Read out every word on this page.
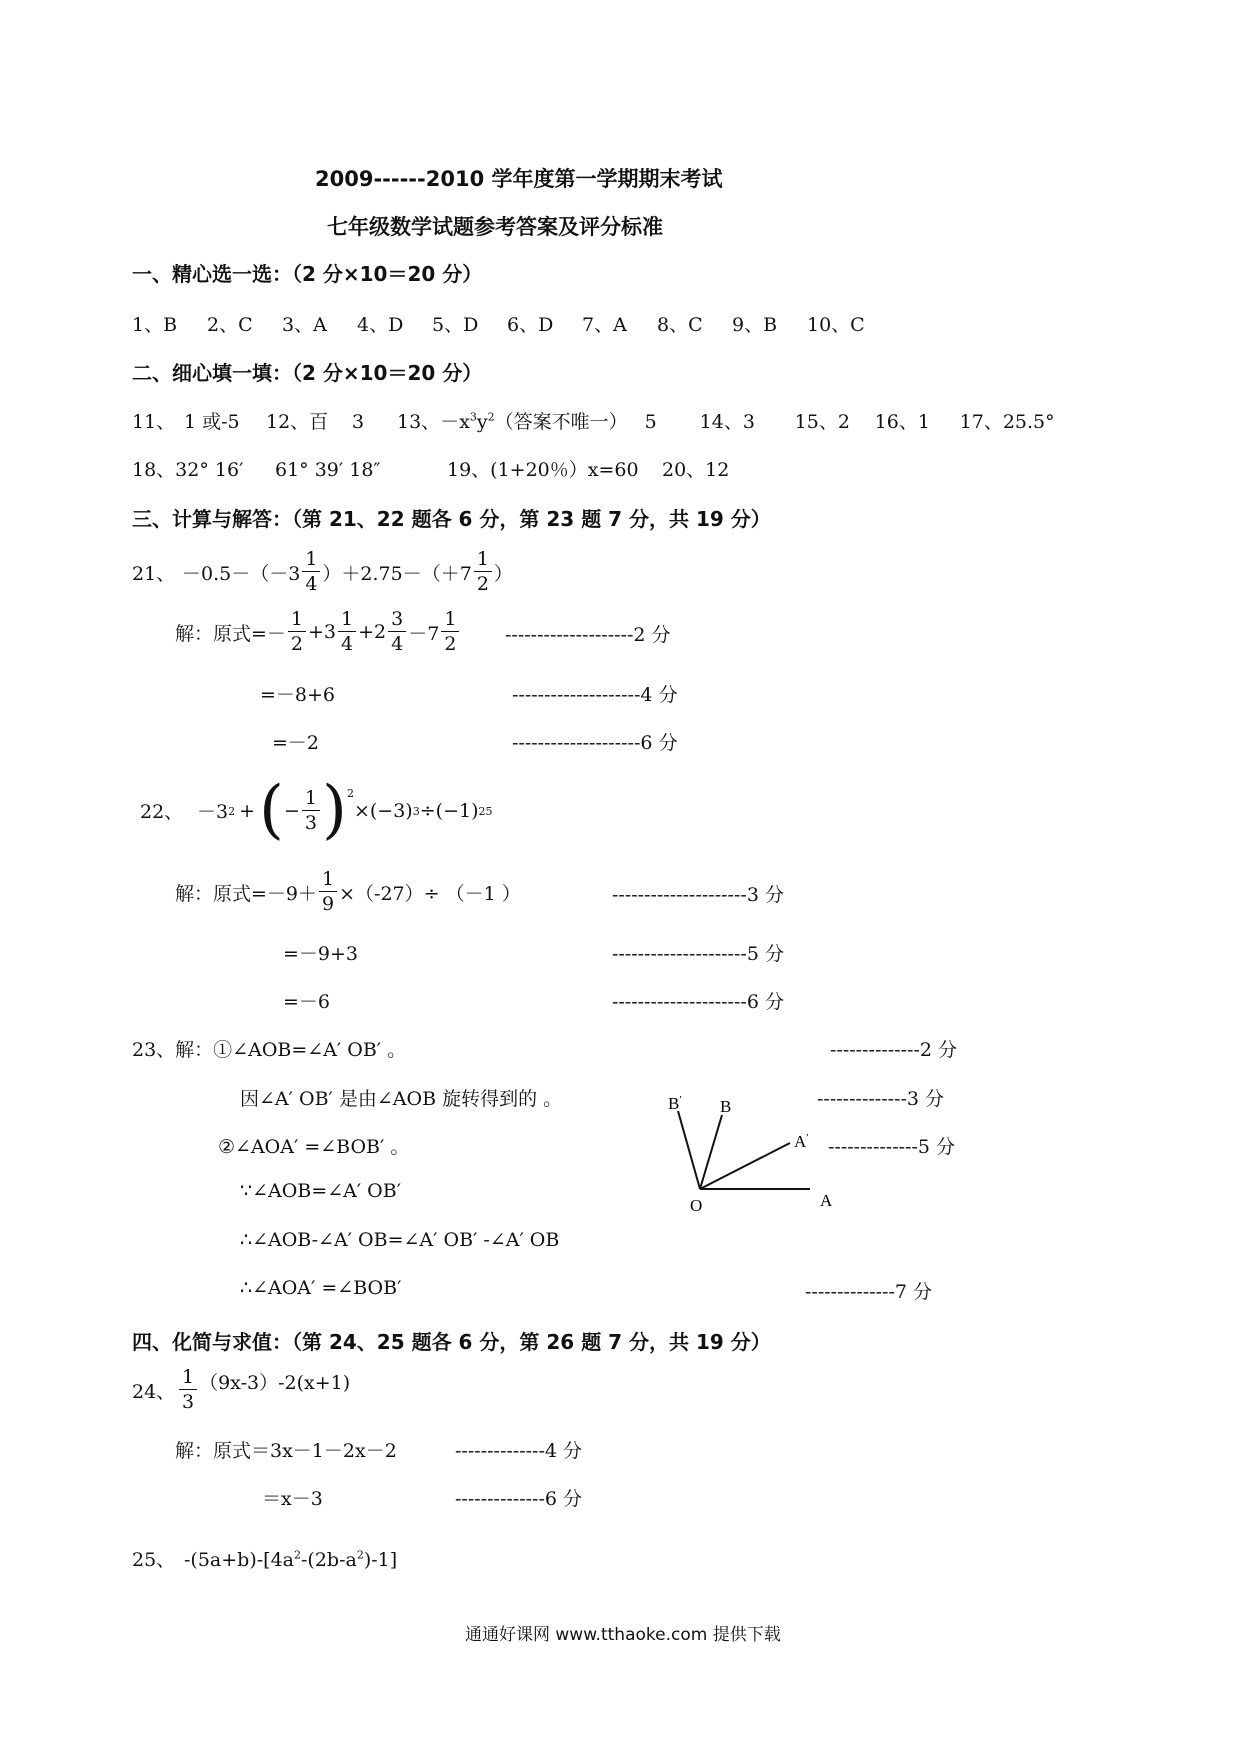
2009------2010 学年度第一学期期末考试
七年级数学试题参考答案及评分标准
一、精心选一选：（2 分×10＝20 分）
1、B	2、C	3、A	4、D	5、D	6、D	7、A	8、C	9、B	10、C
二、细心填一填：（2 分×10＝20 分）
11、 1 或-5 12、百 3 13、$-x^3y^2$（答案不唯一） 5 14、3 15、2 16、1 17、25.5°
18、32° 16′ 61° 39′ 18″	19、(1+20％）x=60 20、12
三、计算与解答：（第 21、22 题各 6 分，第 23 题 7 分，共 19 分）
21、 $-0.5-(-3 \frac{1}{4} )+2.75-(+7 \frac{1}{2}$ ）
解：原式=－ $\frac{1}{2} +3 \frac{1}{4} +2 \frac{3}{4} -7 \frac{1}{2} --------------------2$ 分
=－8+6	--------------------4 分
=－2	--------------------6 分
22、 －3 2 + ( − $\frac{1}{3} )^2$
×(−3) 3 ÷(−1) 25
解：原式$=-9+ \frac{1}{9} \times(-27)\div (-1$ ）	---------------------3 分
=－9+3	---------------------5 分
=－6	---------------------6 分
23、解：①∠AOB=∠A′ OB′ 。	--------------2 分
因∠A′ OB′ 是由∠AOB 旋转得到的 。	--------------3 分
②∠AOA′ =∠BOB′ 。	--------------5 分
∵∠AOB=∠A′ OB′
∴∠AOB-∠A′ OB=∠A′ OB′ -∠A′ OB
∴∠AOA′ =∠BOB′	--------------7 分
B′ B
A′
O	A
四、化简与求值：（第 24、25 题各 6 分，第 26 题 7 分，共 19 分）
24、 $\frac{1}{3} (9x-3)-2(x+1)$
解：原式＝3x－1－2x－2	--------------4 分
＝x－3	--------------6 分
25、 $-(5a+b)-[4a^2-(2b-a^2)-1]$
通通好课网 www.tthaoke.com 提供下载
